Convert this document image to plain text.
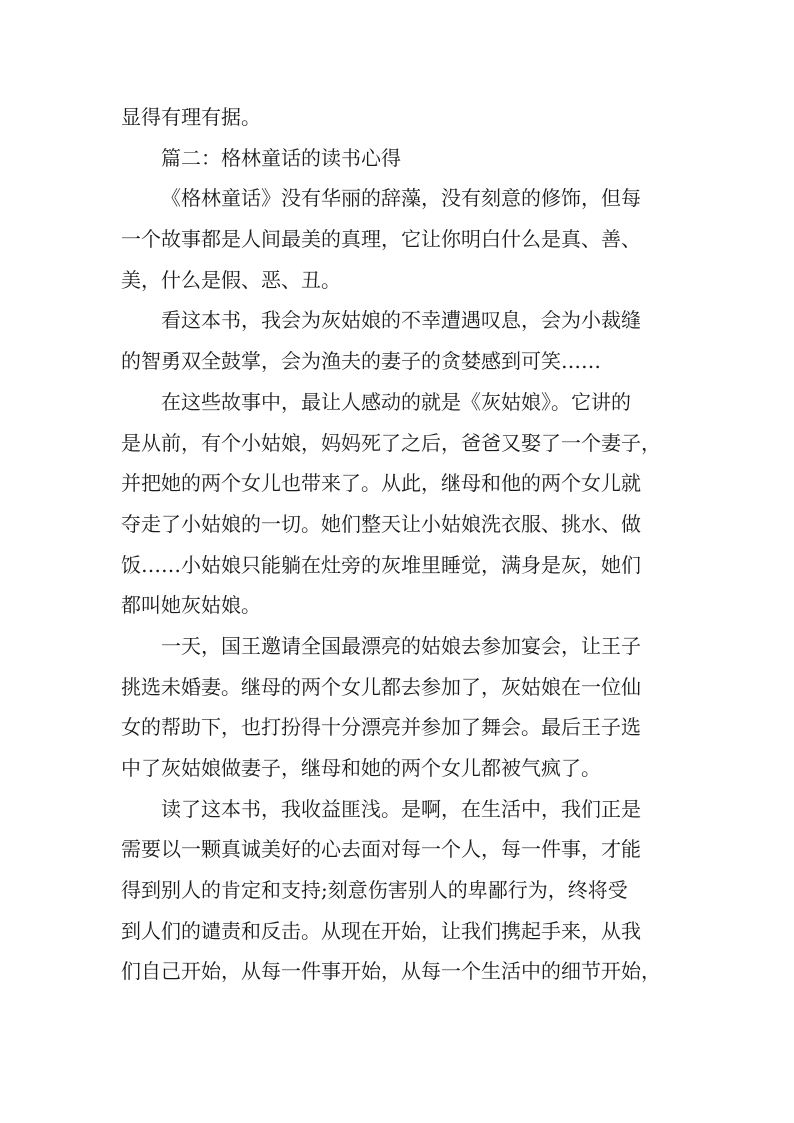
显得有理有据。
篇二：格林童话的读书心得
《格林童话》没有华丽的辞藻，没有刻意的修饰，但每
一个故事都是人间最美的真理，它让你明白什么是真、善、
美，什么是假、恶、丑。
看这本书，我会为灰姑娘的不幸遭遇叹息，会为小裁缝
的智勇双全鼓掌，会为渔夫的妻子的贪婪感到可笑……
在这些故事中，最让人感动的就是《灰姑娘》。它讲的
是从前，有个小姑娘，妈妈死了之后，爸爸又娶了一个妻子，
并把她的两个女儿也带来了。从此，继母和他的两个女儿就
夺走了小姑娘的一切。她们整天让小姑娘洗衣服、挑水、做
饭……小姑娘只能躺在灶旁的灰堆里睡觉，满身是灰，她们
都叫她灰姑娘。
一天，国王邀请全国最漂亮的姑娘去参加宴会，让王子
挑选未婚妻。继母的两个女儿都去参加了，灰姑娘在一位仙
女的帮助下，也打扮得十分漂亮并参加了舞会。最后王子选
中了灰姑娘做妻子，继母和她的两个女儿都被气疯了。
读了这本书，我收益匪浅。是啊，在生活中，我们正是
需要以一颗真诚美好的心去面对每一个人，每一件事，才能
得到别人的肯定和支持;刻意伤害别人的卑鄙行为，终将受
到人们的谴责和反击。从现在开始，让我们携起手来，从我
们自己开始，从每一件事开始，从每一个生活中的细节开始，
